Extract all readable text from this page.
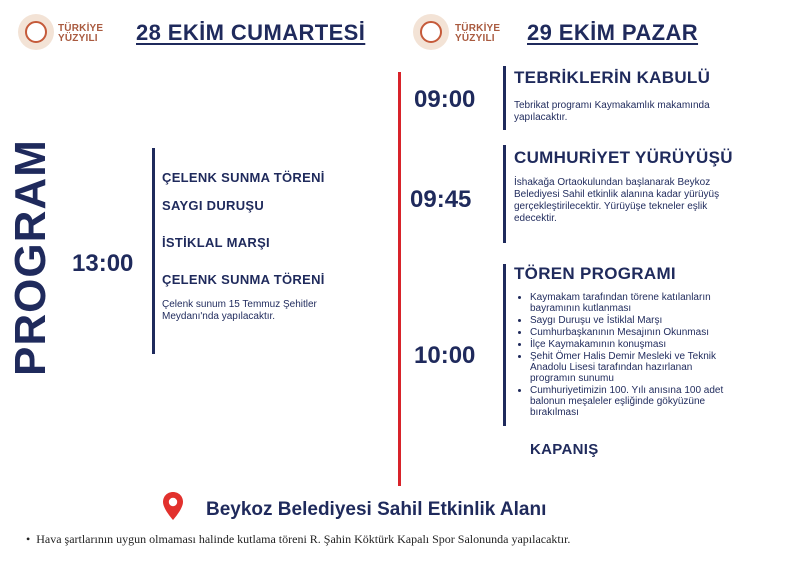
TÜRKİYE
YÜZYILI 28 EKİM CUMARTESİ	TÜRKİYE
YÜZYILI 29 EKİM PAZAR
PROGRAM 13:00
ÇELENK SUNMA TÖRENİ
SAYGI DURUŞU
İSTİKLAL MARŞI
ÇELENK SUNMA TÖRENİ
Çelenk sunum 15 Temmuz Şehitler
Meydanı'nda yapılacaktır.
09:00
TEBRİKLERİN KABULÜ
Tebrikat programı Kaymakamlık makamında
yapılacaktır.
09:45
CUMHURİYET YÜRÜYÜŞÜ
İshakağa Ortaokulundan başlanarak Beykoz
Belediyesi Sahil etkinlik alanına kadar yürüyüş
gerçekleştirilecektir. Yürüyüşe tekneler eşlik
edecektir.
10:00
TÖREN PROGRAMI
• Kaymakam tarafından törene katılanların
bayramının kutlanması
• Saygı Duruşu ve İstiklal Marşı
• Cumhurbaşkanının Mesajının Okunması
• İlçe Kaymakamının konuşması
• Şehit Ömer Halis Demir Mesleki ve Teknik
Anadolu Lisesi tarafından hazırlanan
programın sunumu
• Cumhuriyetimizin 100. Yılı anısına 100 adet
balonun meşaleler eşliğinde gökyüzüne
bırakılması
KAPANIŞ
Beykoz Belediyesi Sahil Etkinlik Alanı
•  Hava şartlarının uygun olmaması halinde kutlama töreni R. Şahin Köktürk Kapalı Spor Salonunda yapılacaktır.
